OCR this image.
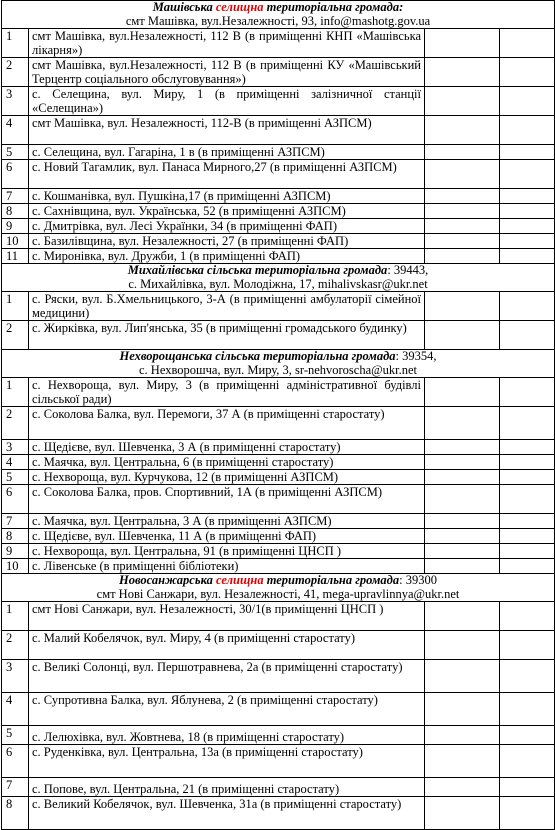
Машівська селищна територіальна громада:
смт Машівка, вул.Незалежності, 93, info@mashotg.gov.ua			

1	смт Машівка, вул.Незалежності, 112 В (в приміщенні КНП «Машівська лікарня»)		
2	смт Машівка, вул.Незалежності, 112 В (в приміщенні КУ «Машівський Терцентр соціального обслуговування»)		
3	с. Селещина, вул. Миру, 1 (в приміщенні залізничної станції «Селещина»)		
4	смт Машівка, вул. Незалежності, 112-В (в приміщенні АЗПСМ)		
5	с. Селещина, вул. Гагаріна, 1 в (в приміщенні АЗПСМ)		
6	с. Новий Тагамлик, вул. Панаса Мирного,27 (в приміщенні АЗПСМ)		
7	с. Кошманівка, вул. Пушкіна,17 (в приміщенні АЗПСМ)		
8	с. Сахнівщина, вул. Українська, 52 (в приміщенні АЗПСМ)		
9	с. Дмитрівка, вул. Лесі Українки, 34 (в приміщенні ФАП)		
10	с. Базилівщина, вул. Незалежності, 27 (в приміщенні ФАП)		
11	с. Миронівка, вул. Дружби, 1 (в приміщенні ФАП)		

Михайлівська сільська територіальна громада: 39443,
с. Михайлівка, вул. Молодіжна, 17, mihalivskasr@ukr.net			

1	с. Ряски, вул. Б.Хмельницького, 3-А (в приміщенні амбулаторії сімейної медицини)		
2	с. Жирківка, вул. Лип'янська, 35 (в приміщенні громадського будинку)		

Нехворощанська сільська територіальна громада: 39354,
с. Нехворошча, вул. Миру, 3, sr-nehvoroscha@ukr.net			

1	с. Нехвороща, вул. Миру, 3 (в приміщенні адміністративної будівлі сільської ради)		
2	с. Соколова Балка, вул. Перемоги, 37 А (в приміщенні старостату)		
3	с. Щедієве, вул. Шевченка, 3 А (в приміщенні старостату)		
4	с. Маячка, вул. Центральна, 6 (в приміщенні старостату)		
5	с. Нехвороща, вул. Курчукова, 12 (в приміщенні АЗПСМ)		
6	с. Соколова Балка, пров. Спортивний, 1А (в приміщенні АЗПСМ)		
7	с. Маячка, вул. Центральна, 3 А (в приміщенні АЗПСМ)		
8	с. Щедієве, вул. Шевченка, 11 А (в приміщенні ФАП)		
9	с. Нехвороща, вул. Центральна, 91 (в приміщенні ЦНСП )		
10	с. Лівенське (в приміщенні бібліотеки)		

Новосанжарська селищна територіальна громада: 39300
смт Нові Санжари, вул. Незалежності, 41, mega-upravlinnya@ukr.net			

1	смт Нові Санжари, вул. Незалежності, 30/1(в приміщенні ЦНСП )		
2	с. Малий Кобелячок, вул. Миру, 4 (в приміщенні старостату)		
3	с. Великі Солонці, вул. Першотравнева, 2а (в приміщенні старостату)		
4	с. Супротивна Балка, вул. Яблунева, 2 (в приміщенні старостату)		
5	с. Лелюхівка, вул. Жовтнева, 18 (в приміщенні старостату)		
6	с. Руденківка, вул. Центральна, 13а (в приміщенні старостату)		
7	с. Попове, вул. Центральна, 21 (в приміщенні старостату)		
8	с. Великий Кобелячок, вул. Шевченка, 31а (в приміщенні старостату)		
